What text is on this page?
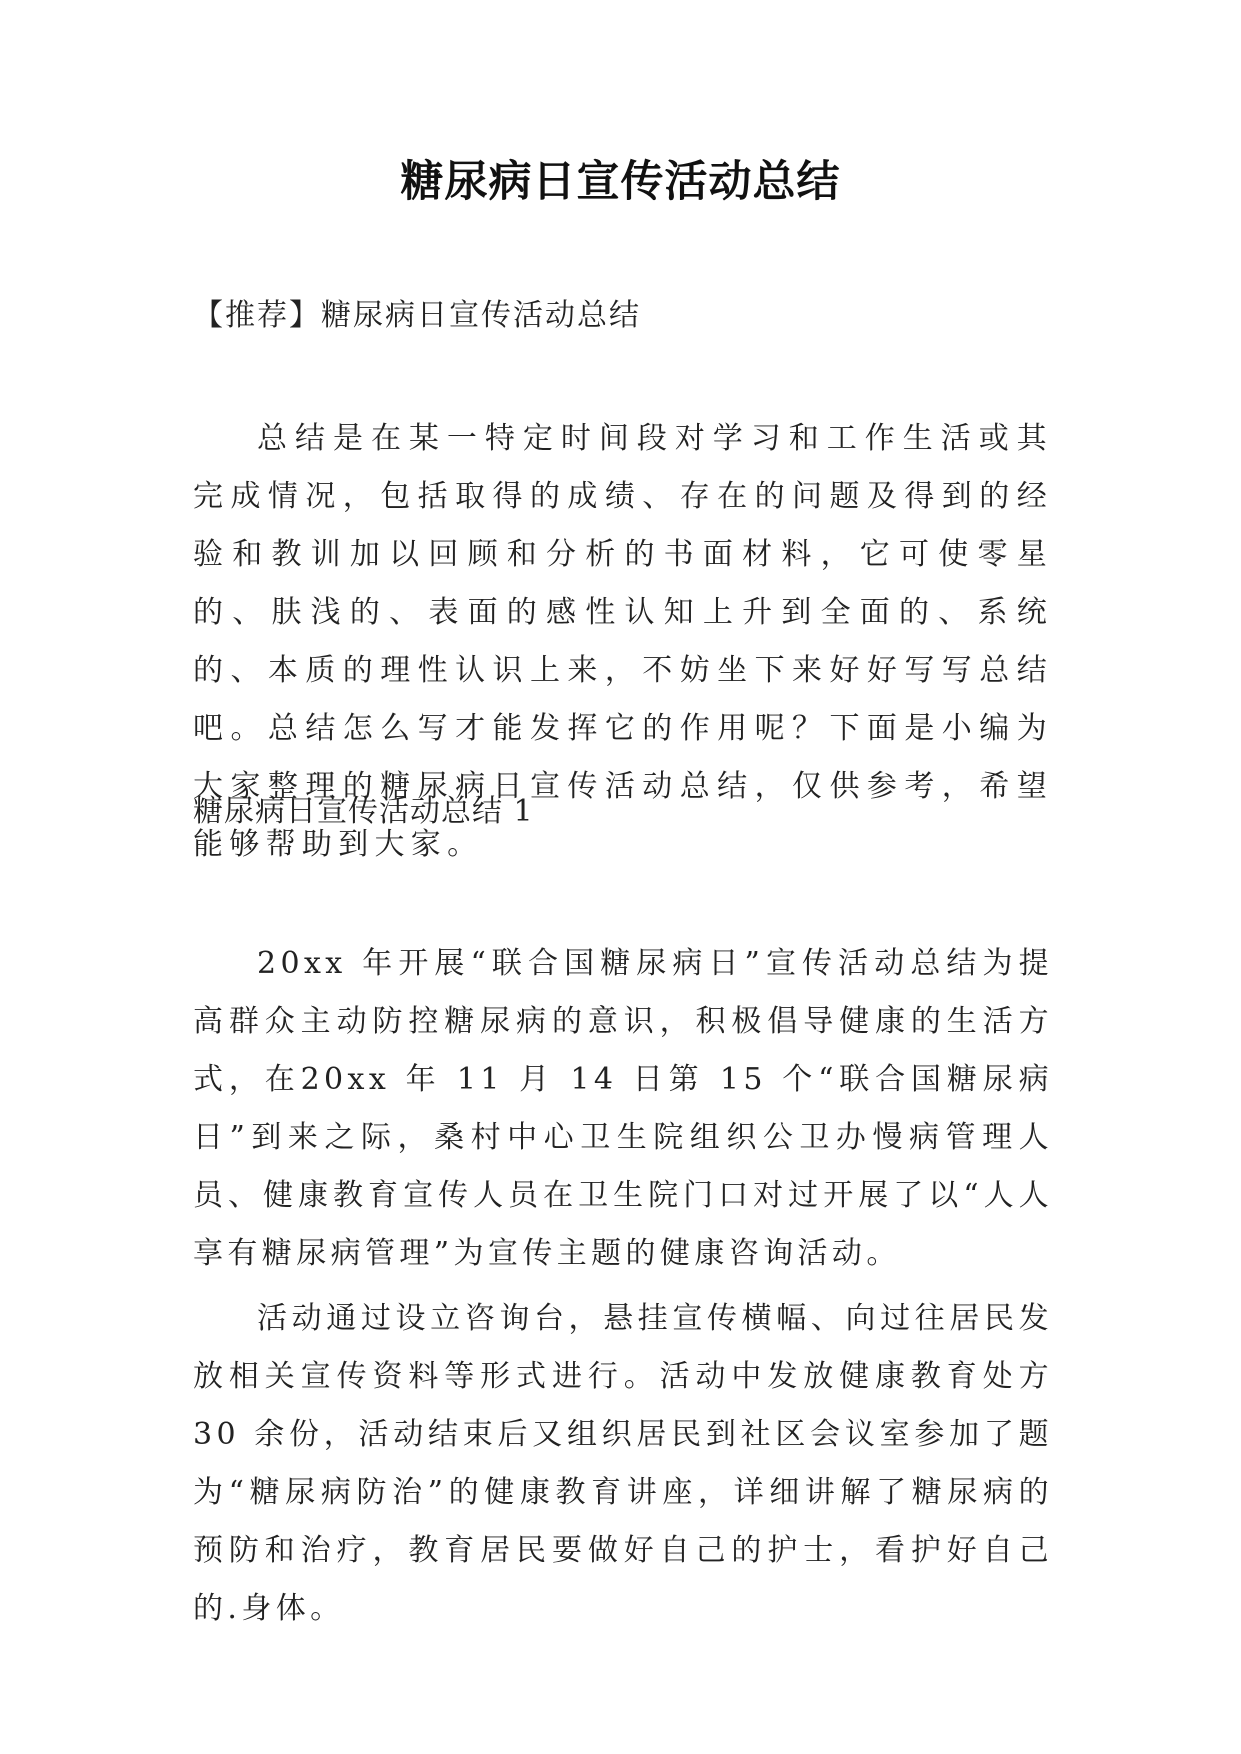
糖尿病日宣传活动总结

【推荐】糖尿病日宣传活动总结

总结是在某一特定时间段对学习和工作生活或其完成情况，包括取得的成绩、存在的问题及得到的经验和教训加以回顾和分析的书面材料，它可使零星的、肤浅的、表面的感性认知上升到全面的、系统的、本质的理性认识上来，不妨坐下来好好写写总结吧。总结怎么写才能发挥它的作用呢？下面是小编为大家整理的糖尿病日宣传活动总结，仅供参考，希望能够帮助到大家。

糖尿病日宣传活动总结 1

20xx 年开展“联合国糖尿病日”宣传活动总结为提高群众主动防控糖尿病的意识，积极倡导健康的生活方式，在20xx 年 11 月 14 日第 15 个“联合国糖尿病日”到来之际，桑村中心卫生院组织公卫办慢病管理人员、健康教育宣传人员在卫生院门口对过开展了以“人人享有糖尿病管理”为宣传主题的健康咨询活动。

活动通过设立咨询台，悬挂宣传横幅、向过往居民发放相关宣传资料等形式进行。活动中发放健康教育处方 30 余份，活动结束后又组织居民到社区会议室参加了题为“糖尿病防治”的健康教育讲座，详细讲解了糖尿病的预防和治疗，教育居民要做好自己的护士，看护好自己的.身体。
